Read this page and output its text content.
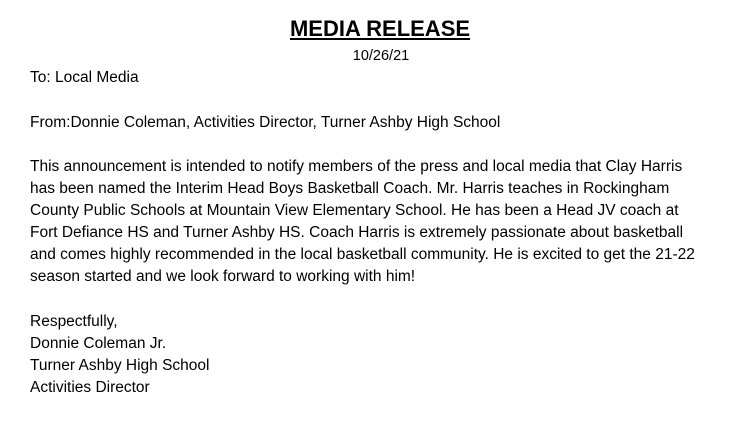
MEDIA RELEASE

10/26/21

To: Local Media

From:Donnie Coleman, Activities Director, Turner Ashby High School

This announcement is intended to notify members of the press and local media that Clay Harris
has been named the Interim Head Boys Basketball Coach. Mr. Harris teaches in Rockingham
County Public Schools at Mountain View Elementary School. He has been a Head JV coach at
Fort Defiance HS and Turner Ashby HS. Coach Harris is extremely passionate about basketball
and comes highly recommended in the local basketball community. He is excited to get the 21-22
season started and we look forward to working with him!
Respectfully,
Donnie Coleman Jr.
Turner Ashby High School
Activities Director
